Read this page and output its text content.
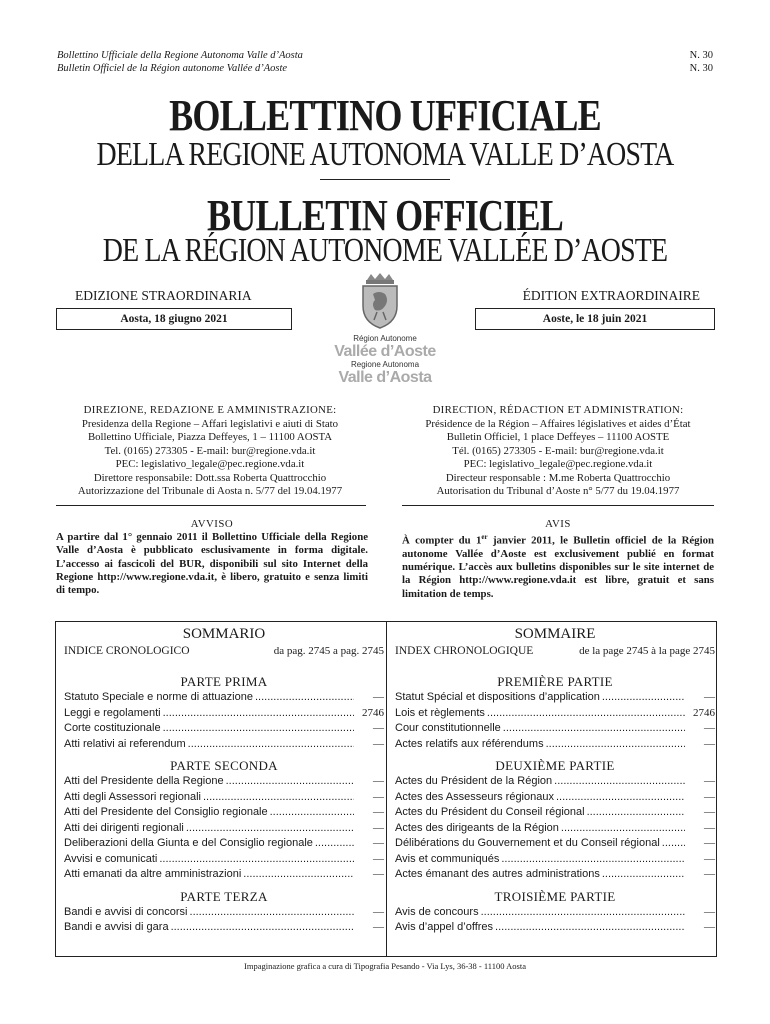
Bollettino Ufficiale della Regione Autonoma Valle d’Aosta
Bulletin Officiel de la Région autonome Vallée d’Aoste
N. 30
N. 30
BOLLETTINO UFFICIALE
DELLA REGIONE AUTONOMA VALLE D’AOSTA
BULLETIN OFFICIEL
DE LA RÉGION AUTONOME VALLÉE D’AOSTE
EDIZIONE STRAORDINARIA	ÉDITION EXTRAORDINAIRE
Aosta, 18 giugno 2021	Aoste, le 18 juin 2021
Région Autonome
Vallée d’Aoste
Regione Autonoma
Valle d’Aosta
DIREZIONE, REDAZIONE E AMMINISTRAZIONE:
Presidenza della Regione – Affari legislativi e aiuti di Stato
Bollettino Ufficiale, Piazza Deffeyes, 1 – 11100 AOSTA
Tel. (0165) 273305 - E-mail: bur@regione.vda.it
PEC: legislativo_legale@pec.regione.vda.it
Direttore responsabile: Dott.ssa Roberta Quattrocchio
Autorizzazione del Tribunale di Aosta n. 5/77 del 19.04.1977
DIRECTION, RÉDACTION ET ADMINISTRATION:
Présidence de la Région – Affaires législatives et aides d’État
Bulletin Officiel, 1 place Deffeyes – 11100 AOSTE
Tél. (0165) 273305 - E-mail: bur@regione.vda.it
PEC: legislativo_legale@pec.regione.vda.it
Directeur responsable : M.me Roberta Quattrocchio
Autorisation du Tribunal d’Aoste n° 5/77 du 19.04.1977
AVVISO
A partire dal 1° gennaio 2011 il Bollettino Ufficiale della Regione Valle d’Aosta è pubblicato esclusivamente in forma digitale. L’accesso ai fascicoli del BUR, disponibili sul sito Internet della Regione http://www.regione.vda.it, è libero, gratuito e senza limiti di tempo.
AVIS
À compter du 1er janvier 2011, le Bulletin officiel de la Région autonome Vallée d’Aoste est exclusivement publié en format numérique. L’accès aux bulletins disponibles sur le site internet de la Région http://www.regione.vda.it est libre, gratuit et sans limitation de temps.
SOMMARIO
INDICE CRONOLOGICO	da pag. 2745 a pag. 2745
PARTE PRIMA
Statuto Speciale e norme di attuazione .....	—
Leggi e regolamenti .....	2746
Corte costituzionale .....	—
Atti relativi ai referendum .....	—
PARTE SECONDA
Atti del Presidente della Regione .....	—
Atti degli Assessori regionali .....	—
Atti del Presidente del Consiglio regionale .....	—
Atti dei dirigenti regionali .....	—
Deliberazioni della Giunta e del Consiglio regionale .....	—
Avvisi e comunicati .....	—
Atti emanati da altre amministrazioni .....	—
PARTE TERZA
Bandi e avvisi di concorsi .....	—
Bandi e avvisi di gara .....	—
SOMMAIRE
INDEX CHRONOLOGIQUE	de la page 2745 à la page 2745
PREMIÈRE PARTIE
Statut Spécial et dispositions d’application .....	—
Lois et règlements .....	2746
Cour constitutionnelle .....	—
Actes relatifs aux référendums .....	—
DEUXIÈME PARTIE
Actes du Président de la Région .....	—
Actes des Assesseurs régionaux .....	—
Actes du Président du Conseil régional .....	—
Actes des dirigeants de la Région .....	—
Délibérations du Gouvernement et du Conseil régional .....	—
Avis et communiqués .....	—
Actes émanant des autres administrations .....	—
TROISIÈME PARTIE
Avis de concours .....	—
Avis d’appel d’offres .....	—
Impaginazione grafica a cura di Tipografia Pesando - Via Lys, 36-38 - 11100 Aosta
